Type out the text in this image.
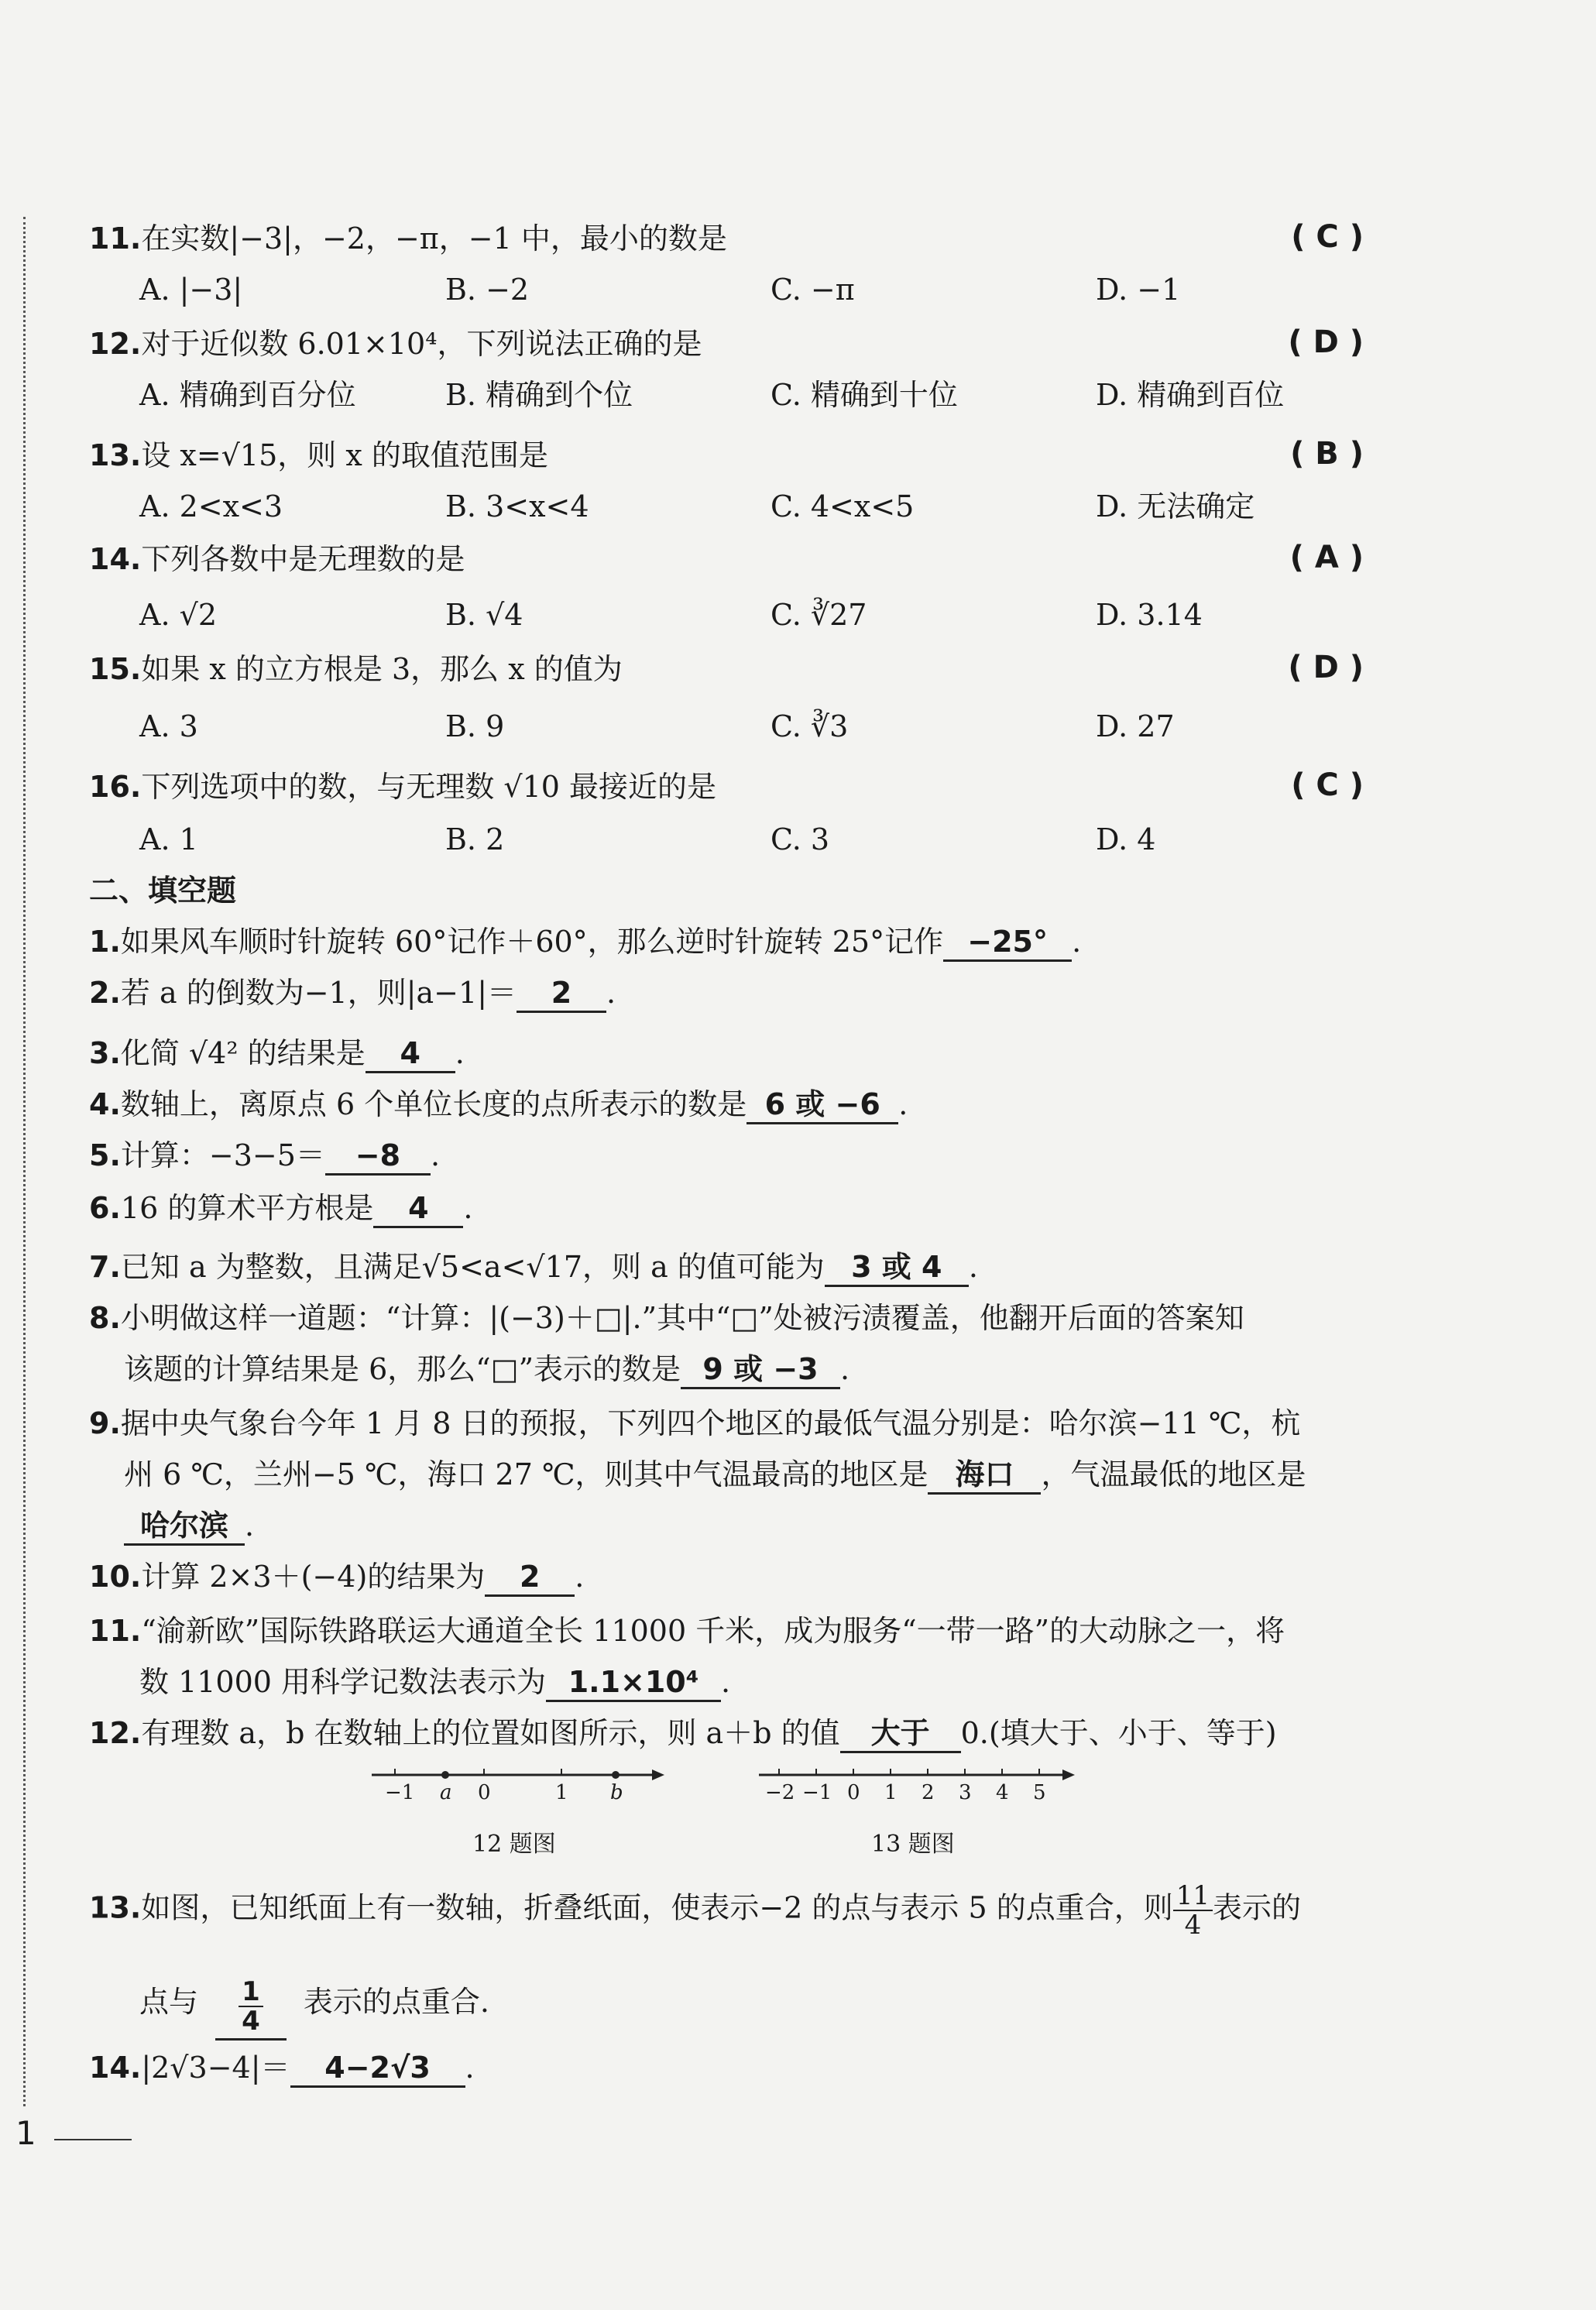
11.在实数|−3|，−2，−π，−1 中，最小的数是	( C )
A. |−3|	B. −2	C. −π	D. −1
12.对于近似数 6.01×10⁴，下列说法正确的是	( D )
A. 精确到百分位	B. 精确到个位	C. 精确到十位	D. 精确到百位
13.设 x=√15，则 x 的取值范围是	( B )
A. 2<x<3	B. 3<x<4	C. 4<x<5	D. 无法确定
14.下列各数中是无理数的是	( A )
A. √2	B. √4	C. ∛27	D. 3.14
15.如果 x 的立方根是 3，那么 x 的值为	( D )
A. 3	B. 9	C. ∛3	D. 27
16.下列选项中的数，与无理数 √10 最接近的是	( C )
A. 1	B. 2	C. 3	D. 4
二、填空题
1.如果风车顺时针旋转 60°记作＋60°，那么逆时针旋转 25°记作 −25° .
2.若 a 的倒数为−1，则|a−1|＝ 2 .
3.化简 √4² 的结果是 4 .
4.数轴上，离原点 6 个单位长度的点所表示的数是 6 或 −6 .
5.计算：−3−5＝ −8 .
6.16 的算术平方根是 4 .
7.已知 a 为整数，且满足√5<a<√17，则 a 的值可能为 3 或 4 .
8.小明做这样一道题：“计算：|(−3)＋□|.”其中“□”处被污渍覆盖，他翻开后面的答案知
该题的计算结果是 6，那么“□”表示的数是 9 或 −3 .
9.据中央气象台今年 1 月 8 日的预报，下列四个地区的最低气温分别是：哈尔滨−11 ℃，杭
州 6 ℃，兰州−5 ℃，海口 27 ℃，则其中气温最高的地区是 海口 ，气温最低的地区是
哈尔滨 .
10.计算 2×3＋(−4)的结果为 2 .
11.“渝新欧”国际铁路联运大通道全长 11000 千米，成为服务“一带一路”的大动脉之一，将
数 11000 用科学记数法表示为 1.1×10⁴ .
12.有理数 a，b 在数轴上的位置如图所示，则 a＋b 的值 大于 0.(填大于、小于、等于)
−1 a 0	1 b
12 题图
−2 −1 0 1 2 3 4 5
13 题图
13.如图，已知纸面上有一数轴，折叠纸面，使表示−2 的点与表示 5 的点重合，则 $\frac{11}{4}$ 表示的
点与 $\frac{1}{4}$ 表示的点重合.
14.|2√3−4|＝ 4−2√3 .
1
